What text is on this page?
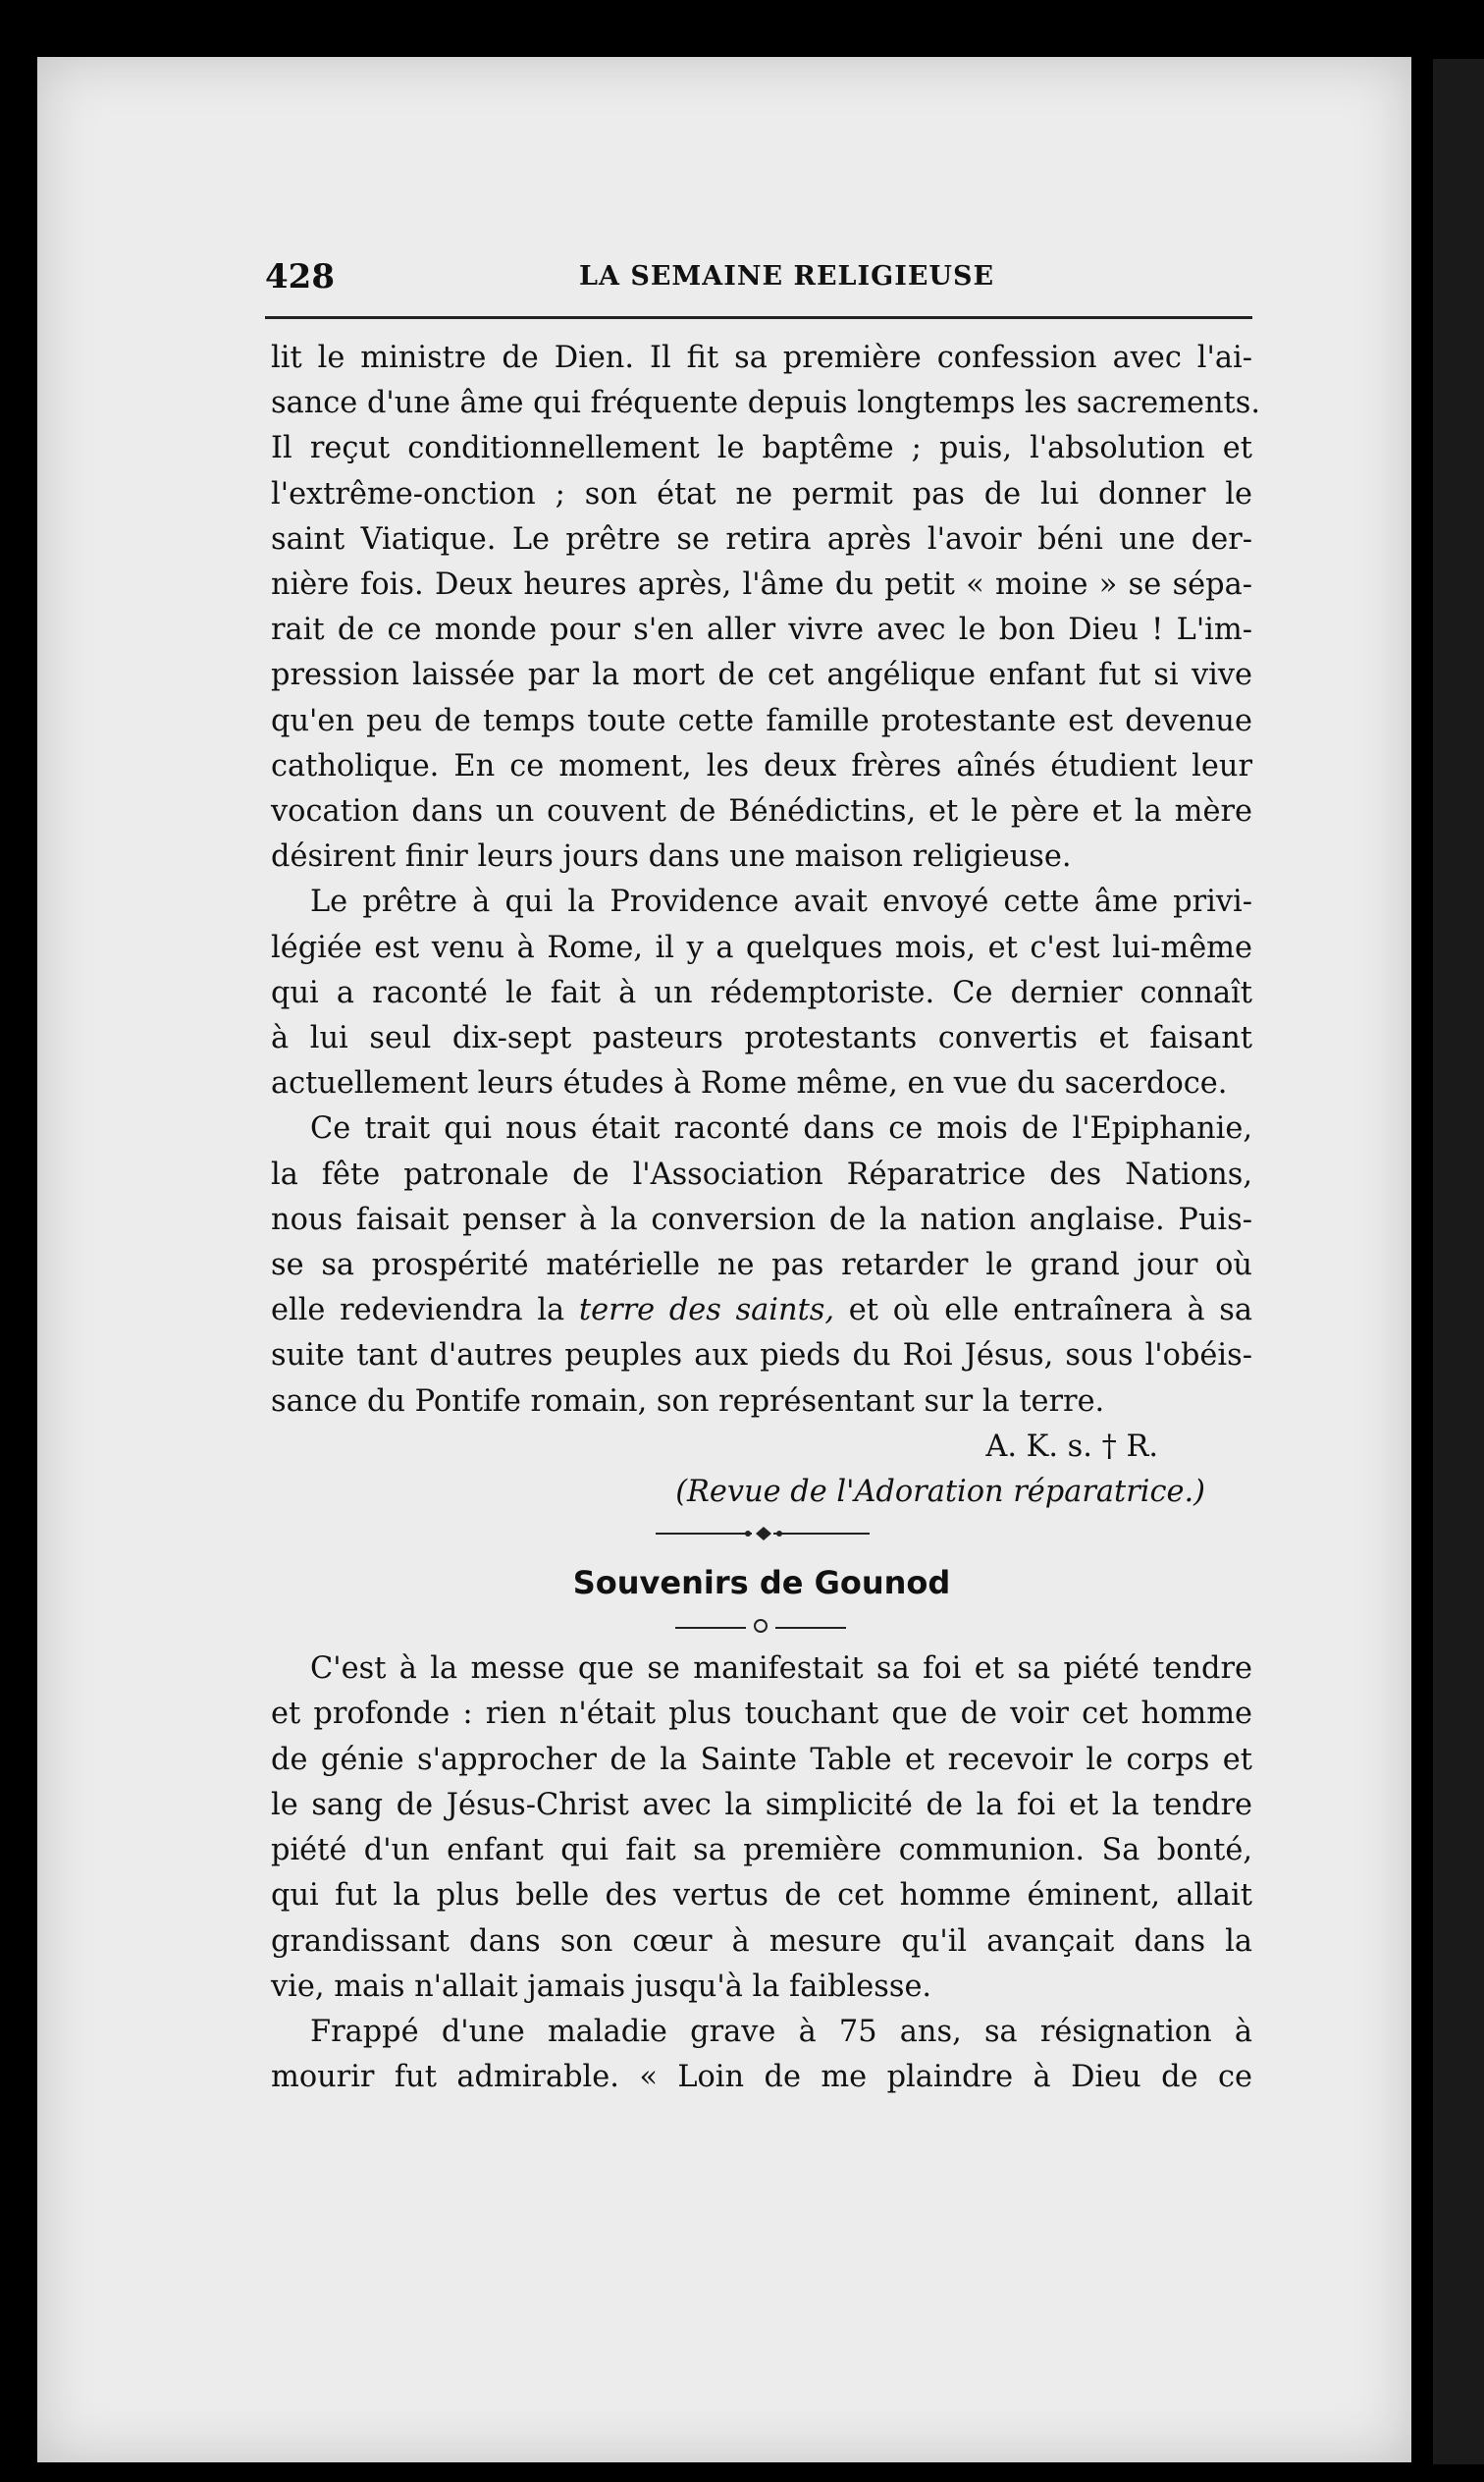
428	LA SEMAINE RELIGIEUSE

lit le ministre de Dien. Il fit sa première confession avec l'ai-
sance d'une âme qui fréquente depuis longtemps les sacrements.
Il reçut conditionnellement le baptême ; puis, l'absolution et
l'extrême-onction ; son état ne permit pas de lui donner le
saint Viatique. Le prêtre se retira après l'avoir béni une der-
nière fois. Deux heures après, l'âme du petit « moine » se sépa-
rait de ce monde pour s'en aller vivre avec le bon Dieu ! L'im-
pression laissée par la mort de cet angélique enfant fut si vive
qu'en peu de temps toute cette famille protestante est devenue
catholique. En ce moment, les deux frères aînés étudient leur
vocation dans un couvent de Bénédictins, et le père et la mère
désirent finir leurs jours dans une maison religieuse.

Le prêtre à qui la Providence avait envoyé cette âme privi-
légiée est venu à Rome, il y a quelques mois, et c'est lui-même
qui a raconté le fait à un rédemptoriste. Ce dernier connaît
à lui seul dix-sept pasteurs protestants convertis et faisant
actuellement leurs études à Rome même, en vue du sacerdoce.

Ce trait qui nous était raconté dans ce mois de l'Epiphanie,
la fête patronale de l'Association Réparatrice des Nations,
nous faisait penser à la conversion de la nation anglaise. Puis-
se sa prospérité matérielle ne pas retarder le grand jour où
elle redeviendra la terre des saints, et où elle entraînera à sa
suite tant d'autres peuples aux pieds du Roi Jésus, sous l'obéis-
sance du Pontife romain, son représentant sur la terre.

A. K. s. † R.

(Revue de l'Adoration réparatrice.)

Souvenirs de Gounod

C'est à la messe que se manifestait sa foi et sa piété tendre
et profonde : rien n'était plus touchant que de voir cet homme
de génie s'approcher de la Sainte Table et recevoir le corps et
le sang de Jésus-Christ avec la simplicité de la foi et la tendre
piété d'un enfant qui fait sa première communion. Sa bonté,
qui fut la plus belle des vertus de cet homme éminent, allait
grandissant dans son cœur à mesure qu'il avançait dans la
vie, mais n'allait jamais jusqu'à la faiblesse.

Frappé d'une maladie grave à 75 ans, sa résignation à
mourir fut admirable. « Loin de me plaindre à Dieu de ce
